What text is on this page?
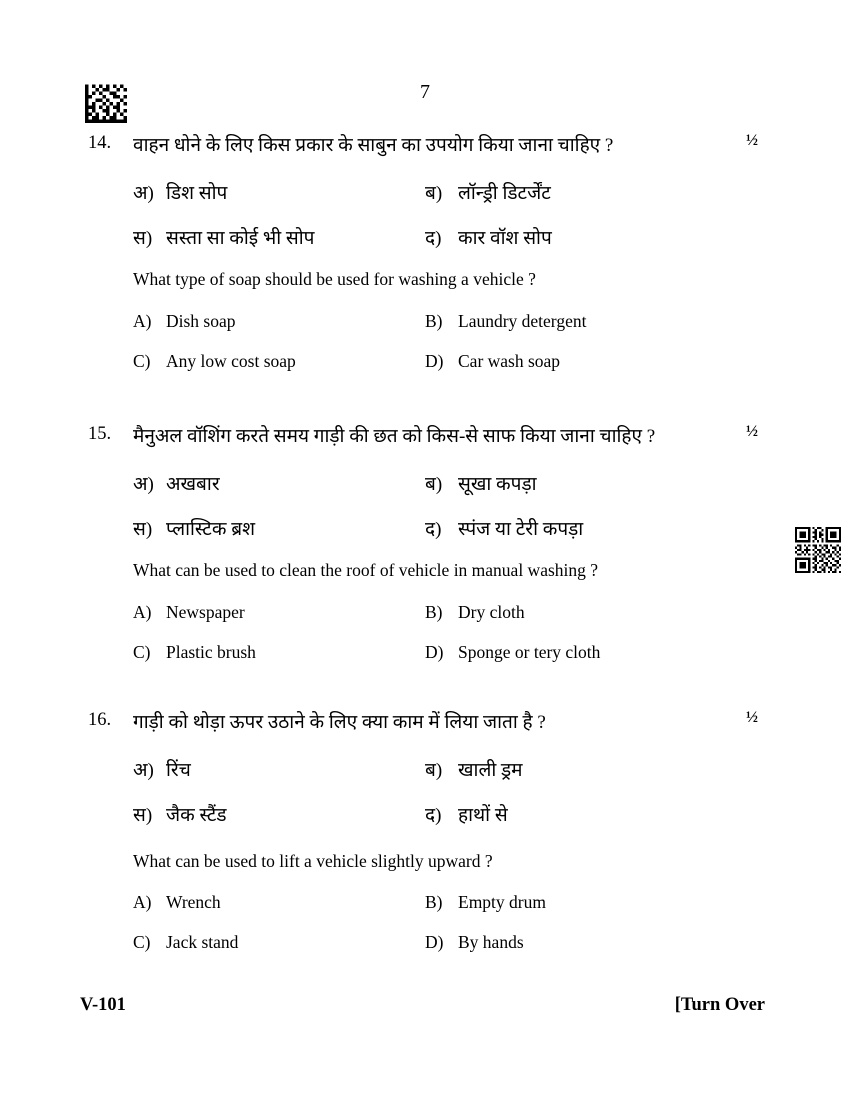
7
14. वाहन धोने के लिए किस प्रकार के साबुन का उपयोग किया जाना चाहिए ?	½
अ) डिश सोप	ब) लॉन्ड्री डिटर्जेंट
स) सस्ता सा कोई भी सोप	द) कार वॉश सोप
What type of soap should be used for washing a vehicle ?
A) Dish soap	B) Laundry detergent
C) Any low cost soap	D) Car wash soap
15. मैनुअल वॉशिंग करते समय गाड़ी की छत को किस-से साफ किया जाना चाहिए ?	½
अ) अखबार	ब) सूखा कपड़ा
स) प्लास्टिक ब्रश	द) स्पंज या टेरी कपड़ा
What can be used to clean the roof of vehicle in manual washing ?
A) Newspaper	B) Dry cloth
C) Plastic brush	D) Sponge or tery cloth
16. गाड़ी को थोड़ा ऊपर उठाने के लिए क्या काम में लिया जाता है ?	½
अ) रिंच	ब) खाली ड्रम
स) जैक स्टैंड	द) हाथों से
What can be used to lift a vehicle slightly upward ?
A) Wrench	B) Empty drum
C) Jack stand	D) By hands
V-101	[Turn Over
